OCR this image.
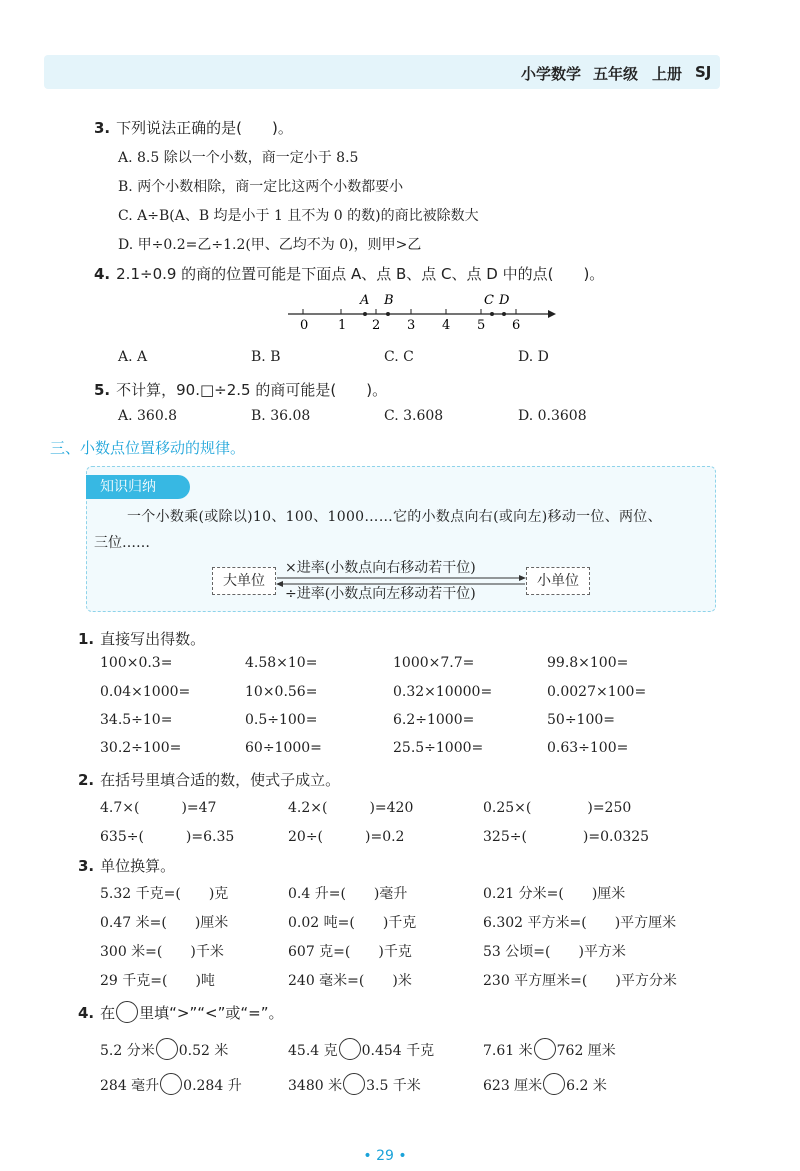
小学数学 五年级 上册 SJ
3. 下列说法正确的是(　　)。
A. 8.5 除以一个小数，商一定小于 8.5
B. 两个小数相除，商一定比这两个小数都要小
C. A÷B(A、B 均是小于 1 且不为 0 的数)的商比被除数大
D. 甲÷0.2=乙÷1.2(甲、乙均不为 0)，则甲>乙
4. 2.1÷0.9 的商的位置可能是下面点 A、点 B、点 C、点 D 中的点(　　)。
0 1 2 3 4 5 6
A B	C D
A. A	B. B	C. C	D. D
5. 不计算，90.□÷2.5 的商可能是(　　)。
A. 360.8	B. 36.08	C. 3.608	D. 0.3608
三、小数点位置移动的规律。
知识归纳
一个小数乘(或除以)10、100、1000……它的小数点向右(或向左)移动一位、两位、
三位……
大单位	小单位
×进率(小数点向右移动若干位)
÷进率(小数点向左移动若干位)
1. 直接写出得数。
100×0.3=	4.58×10=	1000×7.7=	99.8×100=
0.04×1000=	10×0.56=	0.32×10000=	0.0027×100=
34.5÷10=	0.5÷100=	6.2÷1000=	50÷100=
30.2÷100=	60÷1000=	25.5÷1000=	0.63÷100=
2. 在括号里填合适的数，使式子成立。
4.7×(　　　)=47	4.2×(　　　)=420	0.25×(　　　　)=250
635÷(　　　)=6.35	20÷(　　　)=0.2	325÷(　　　　)=0.0325
3. 单位换算。
5.32 千克=(　　)克	0.4 升=(　　)毫升	0.21 分米=(　　)厘米
0.47 米=(　　)厘米	0.02 吨=(　　)千克	6.302 平方米=(　　)平方厘米
300 米=(　　)千米	607 克=(　　)千克	53 公顷=(　　)平方米
29 千克=(　　)吨	240 毫米=(　　)米	230 平方厘米=(　　)平方分米
4. 在 里填“>”“<”或“=”。
5.2 分米 0.52 米	45.4 克 0.454 千克	7.61 米 762 厘米
284 毫升 0.284 升	3480 米 3.5 千米	623 厘米 6.2 米
• 29 •
